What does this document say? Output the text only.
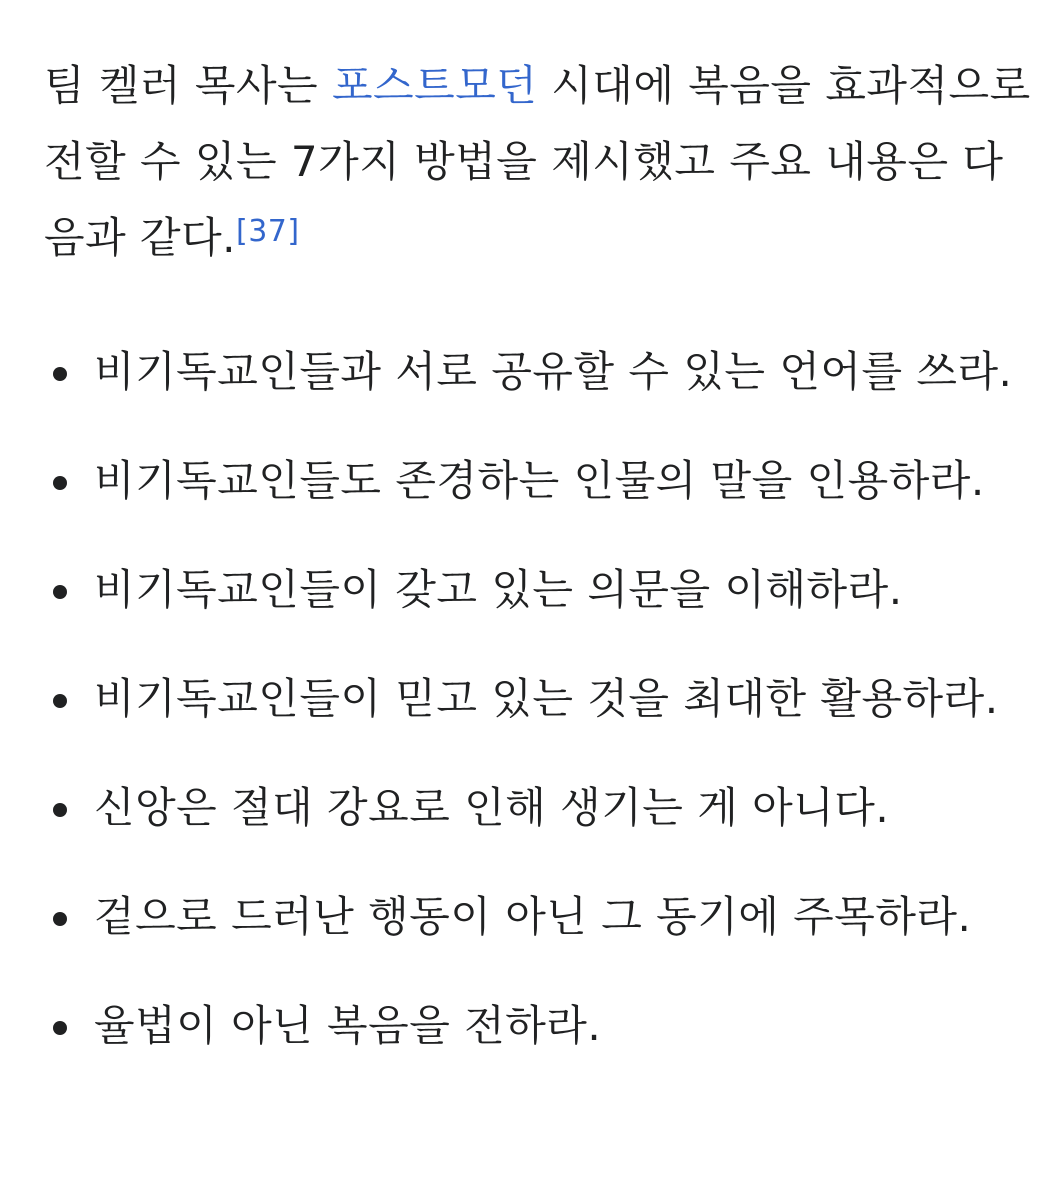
팀 켈러 목사는 포스트모던 시대에 복음을 효과적으로 전할 수 있는 7가지 방법을 제시했고 주요 내용은 다음과 같다.[37]

비기독교인들과 서로 공유할 수 있는 언어를 쓰라.
비기독교인들도 존경하는 인물의 말을 인용하라.
비기독교인들이 갖고 있는 의문을 이해하라.
비기독교인들이 믿고 있는 것을 최대한 활용하라.
신앙은 절대 강요로 인해 생기는 게 아니다.
겉으로 드러난 행동이 아닌 그 동기에 주목하라.
율법이 아닌 복음을 전하라.
